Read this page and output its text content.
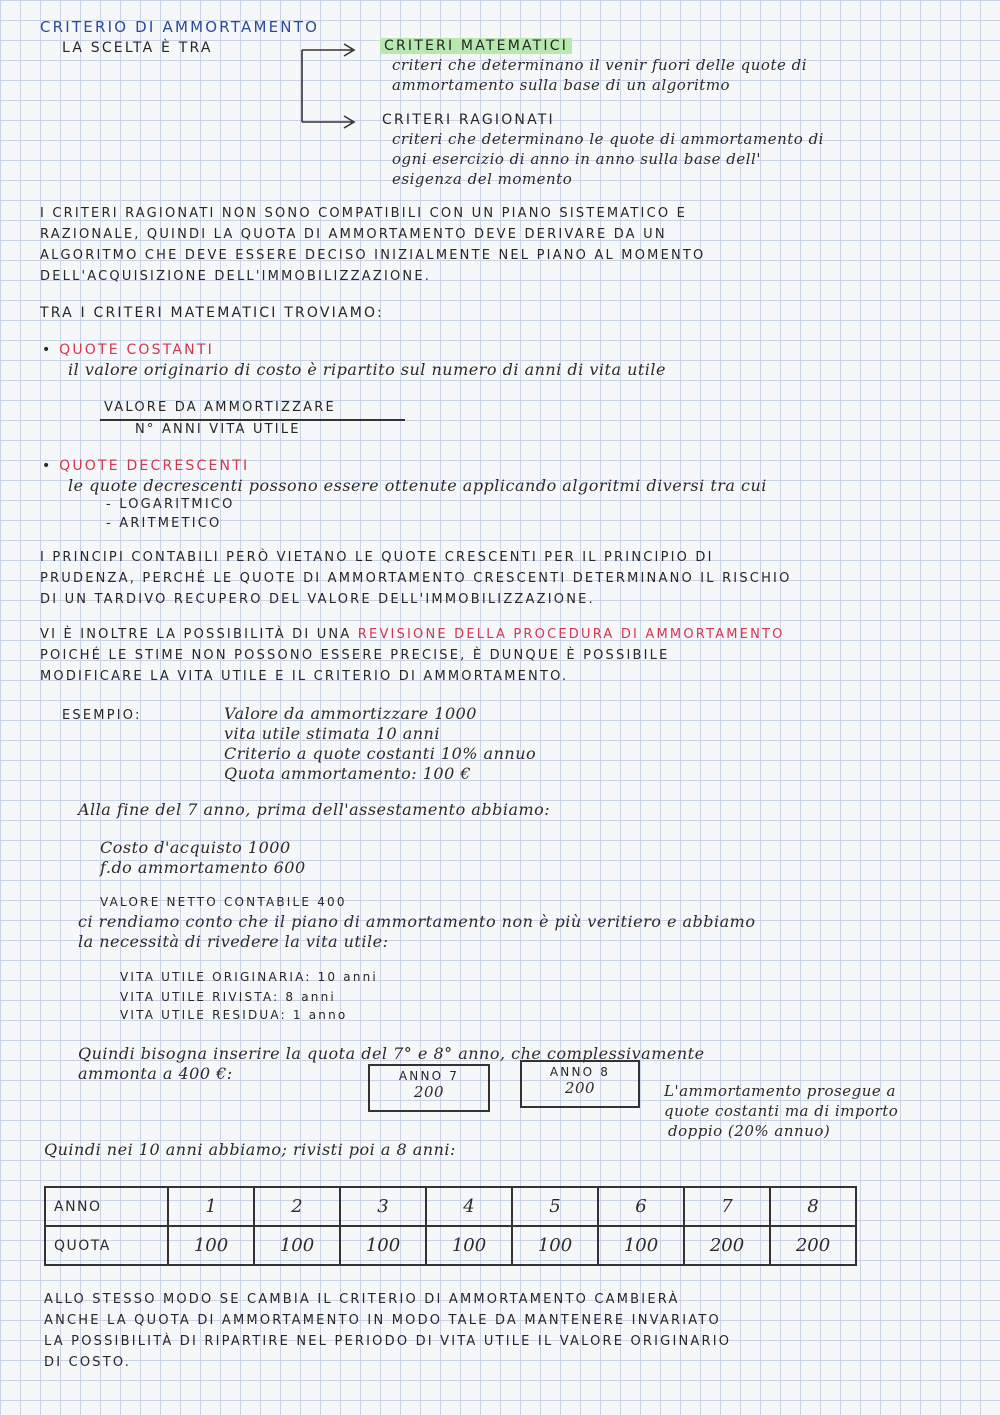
CRITERIO DI AMMORTAMENTO
LA SCELTA È TRA	CRITERI MATEMATICI
criteri che determinano il venir fuori delle quote di
ammortamento sulla base di un algoritmo
CRITERI RAGIONATI
criteri che determinano le quote di ammortamento di
ogni esercizio di anno in anno sulla base dell'
esigenza del momento
I CRITERI RAGIONATI NON SONO COMPATIBILI CON UN PIANO SISTEMATICO E
RAZIONALE, QUINDI LA QUOTA DI AMMORTAMENTO DEVE DERIVARE DA UN
ALGORITMO CHE DEVE ESSERE DECISO INIZIALMENTE NEL PIANO AL MOMENTO
DELL'ACQUISIZIONE DELL'IMMOBILIZZAZIONE.
TRA I CRITERI MATEMATICI TROVIAMO:
• QUOTE COSTANTI
il valore originario di costo è ripartito sul numero di anni di vita utile
VALORE DA AMMORTIZZARE
N° ANNI VITA UTILE
• QUOTE DECRESCENTI
le quote decrescenti possono essere ottenute applicando algoritmi diversi tra cui
- LOGARITMICO
- ARITMETICO
I PRINCIPI CONTABILI PERÒ VIETANO LE QUOTE CRESCENTI PER IL PRINCIPIO DI
PRUDENZA, PERCHÉ LE QUOTE DI AMMORTAMENTO CRESCENTI DETERMINANO IL RISCHIO
DI UN TARDIVO RECUPERO DEL VALORE DELL'IMMOBILIZZAZIONE.
VI È INOLTRE LA POSSIBILITÀ DI UNA REVISIONE DELLA PROCEDURA DI AMMORTAMENTO
POICHÉ LE STIME NON POSSONO ESSERE PRECISE, È DUNQUE È POSSIBILE
MODIFICARE LA VITA UTILE E IL CRITERIO DI AMMORTAMENTO.
ESEMPIO:	Valore da ammortizzare 1000
vita utile stimata 10 anni
Criterio a quote costanti 10% annuo
Quota ammortamento: 100 €
Alla fine del 7 anno, prima dell'assestamento abbiamo:
Costo d'acquisto 1000
f.do ammortamento 600
VALORE NETTO CONTABILE 400
ci rendiamo conto che il piano di ammortamento non è più veritiero e abbiamo
la necessità di rivedere la vita utile:
VITA UTILE ORIGINARIA: 10 anni
VITA UTILE RIVISTA: 8 anni
VITA UTILE RESIDUA: 1 anno
Quindi bisogna inserire la quota del 7° e 8° anno, che complessivamente
ammonta a 400 €:	ANNO 7
200
ANNO 8
200	L'ammortamento prosegue a
quote costanti ma di importo
doppio (20% annuo)
Quindi nei 10 anni abbiamo; rivisti poi a 8 anni:
ANNO	1	2	3	4	5	6	7	8
QUOTA	100	100	100	100	100	100	200	200
ALLO STESSO MODO SE CAMBIA IL CRITERIO DI AMMORTAMENTO CAMBIERÀ
ANCHE LA QUOTA DI AMMORTAMENTO IN MODO TALE DA MANTENERE INVARIATO
LA POSSIBILITÀ DI RIPARTIRE NEL PERIODO DI VITA UTILE IL VALORE ORIGINARIO
DI COSTO.
